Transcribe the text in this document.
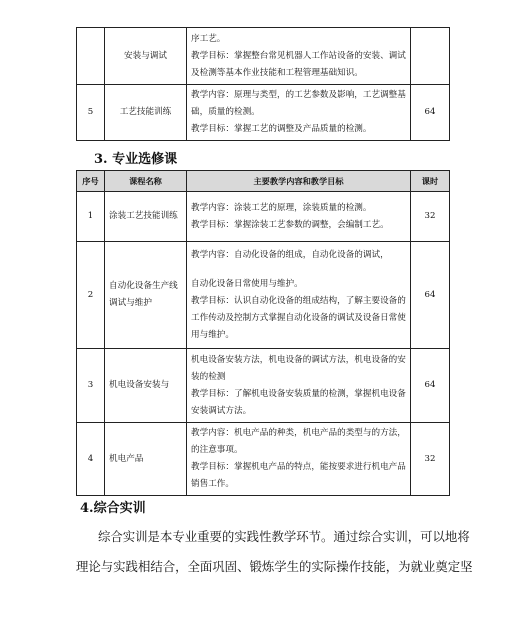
	安装与调试	序工艺。
教学目标：掌握整台常见机器人工作站设备的安装、调试及检测等基本作业技能和工程管理基础知识。	

5	工艺技能训练	教学内容：原理与类型，的工艺参数及影响，工艺调整基础，质量的检测。
教学目标：掌握工艺的调整及产品质量的检测。	64
3. 专业选修课
序号	课程名称	主要教学内容和教学目标	课时
1	涂装工艺技能训练	教学内容：涂装工艺的原理，涂装质量的检测。
教学目标：掌握涂装工艺参数的调整，会编制工艺。	32
2	自动化设备生产线调试与维护	教学内容：自动化设备的组成，自动化设备的调试，
自动化设备日常使用与维护。
教学目标：认识自动化设备的组成结构，了解主要设备的工作传动及控制方式掌握自动化设备的调试及设备日常使用与维护。	64
3	机电设备安装与	机电设备安装方法，机电设备的调试方法，机电设备的安装的检测
教学目标：了解机电设备安装质量的检测，掌握机电设备安装调试方法。	64
4	机电产品	教学内容：机电产品的种类，机电产品的类型与的方法，的注意事项。
教学目标：掌握机电产品的特点，能按要求进行机电产品销售工作。	32
4.综合实训

综合实训是本专业重要的实践性教学环节。通过综合实训，可以地将

理论与实践相结合，全面巩固、锻炼学生的实际操作技能，为就业奠定坚
